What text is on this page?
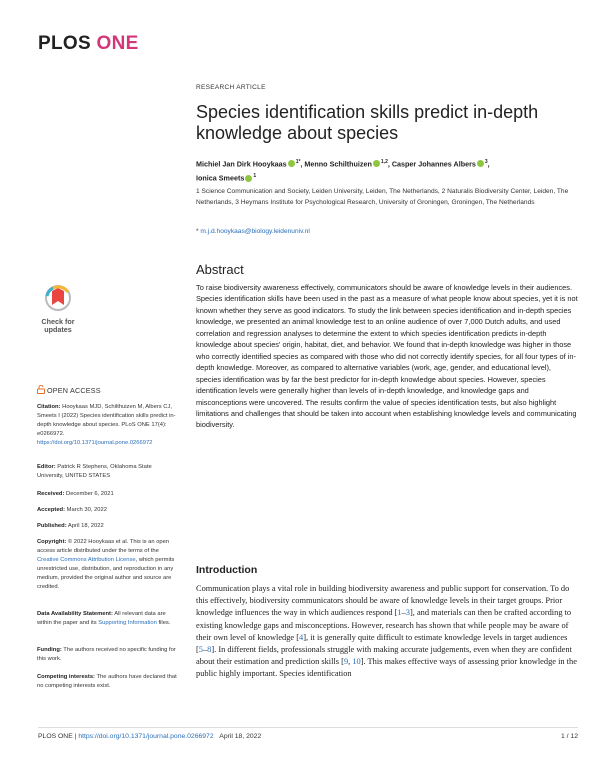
PLOS ONE
RESEARCH ARTICLE
Species identification skills predict in-depth knowledge about species
Michiel Jan Dirk Hooykaas $^{1*}$, Menno Schilthuizen $^{1,2}$, Casper Johannes Albers $^3$,
Ionica Smeets $^1$
1 Science Communication and Society, Leiden University, Leiden, The Netherlands, 2 Naturalis Biodiversity Center, Leiden, The Netherlands, 3 Heymans Institute for Psychological Research, University of Groningen, Groningen, The Netherlands
* m.j.d.hooykaas@biology.leidenuniv.nl
Abstract
To raise biodiversity awareness effectively, communicators should be aware of knowledge levels in their audiences. Species identification skills have been used in the past as a measure of what people know about species, yet it is not known whether they serve as good indicators. To study the link between species identification and in-depth species knowledge, we presented an animal knowledge test to an online audience of over 7,000 Dutch adults, and used correlation and regression analyses to determine the extent to which species identification predicts in-depth knowledge about species' origin, habitat, diet, and behavior. We found that in-depth knowledge was higher in those who correctly identified species as compared with those who did not correctly identify species, for all four types of in-depth knowledge. Moreover, as compared to alternative variables (work, age, gender, and educational level), species identification was by far the best predictor for in-depth knowledge about species. However, species identification levels were generally higher than levels of in-depth knowledge, and knowledge gaps and misconceptions were uncovered. The results confirm the value of species identification tests, but also highlight limitations and challenges that should be taken into account when establishing knowledge levels and communicating biodiversity.
Check for
updates
OPEN ACCESS
Citation: Hooykaas MJD, Schilthuizen M, Albers CJ, Smeets I (2022) Species identification skills predict in-depth knowledge about species. PLoS ONE 17(4): e0266972. https://doi.org/10.1371/journal.pone.0266972
Editor: Patrick R Stephens, Oklahoma State University, UNITED STATES
Received: December 6, 2021
Accepted: March 30, 2022
Published: April 18, 2022
Copyright: © 2022 Hooykaas et al. This is an open access article distributed under the terms of the Creative Commons Attribution License, which permits unrestricted use, distribution, and reproduction in any medium, provided the original author and source are credited.
Data Availability Statement: All relevant data are within the paper and its Supporting Information files.
Funding: The authors received no specific funding for this work.
Competing interests: The authors have declared that no competing interests exist.
Introduction
Communication plays a vital role in building biodiversity awareness and public support for conservation. To do this effectively, biodiversity communicators should be aware of knowledge levels in their target groups. Prior knowledge influences the way in which audiences respond [1–3], and materials can then be crafted according to existing knowledge gaps and misconceptions. However, research has shown that while people may be aware of their own level of knowledge [4], it is generally quite difficult to estimate knowledge levels in target audiences [5–8]. In different fields, professionals struggle with making accurate judgements, even when they are confident about their estimation and prediction skills [9, 10]. This makes effective ways of assessing prior knowledge in the public highly important. Species identification
PLOS ONE | https://doi.org/10.1371/journal.pone.0266972 April 18, 2022	1 / 12
